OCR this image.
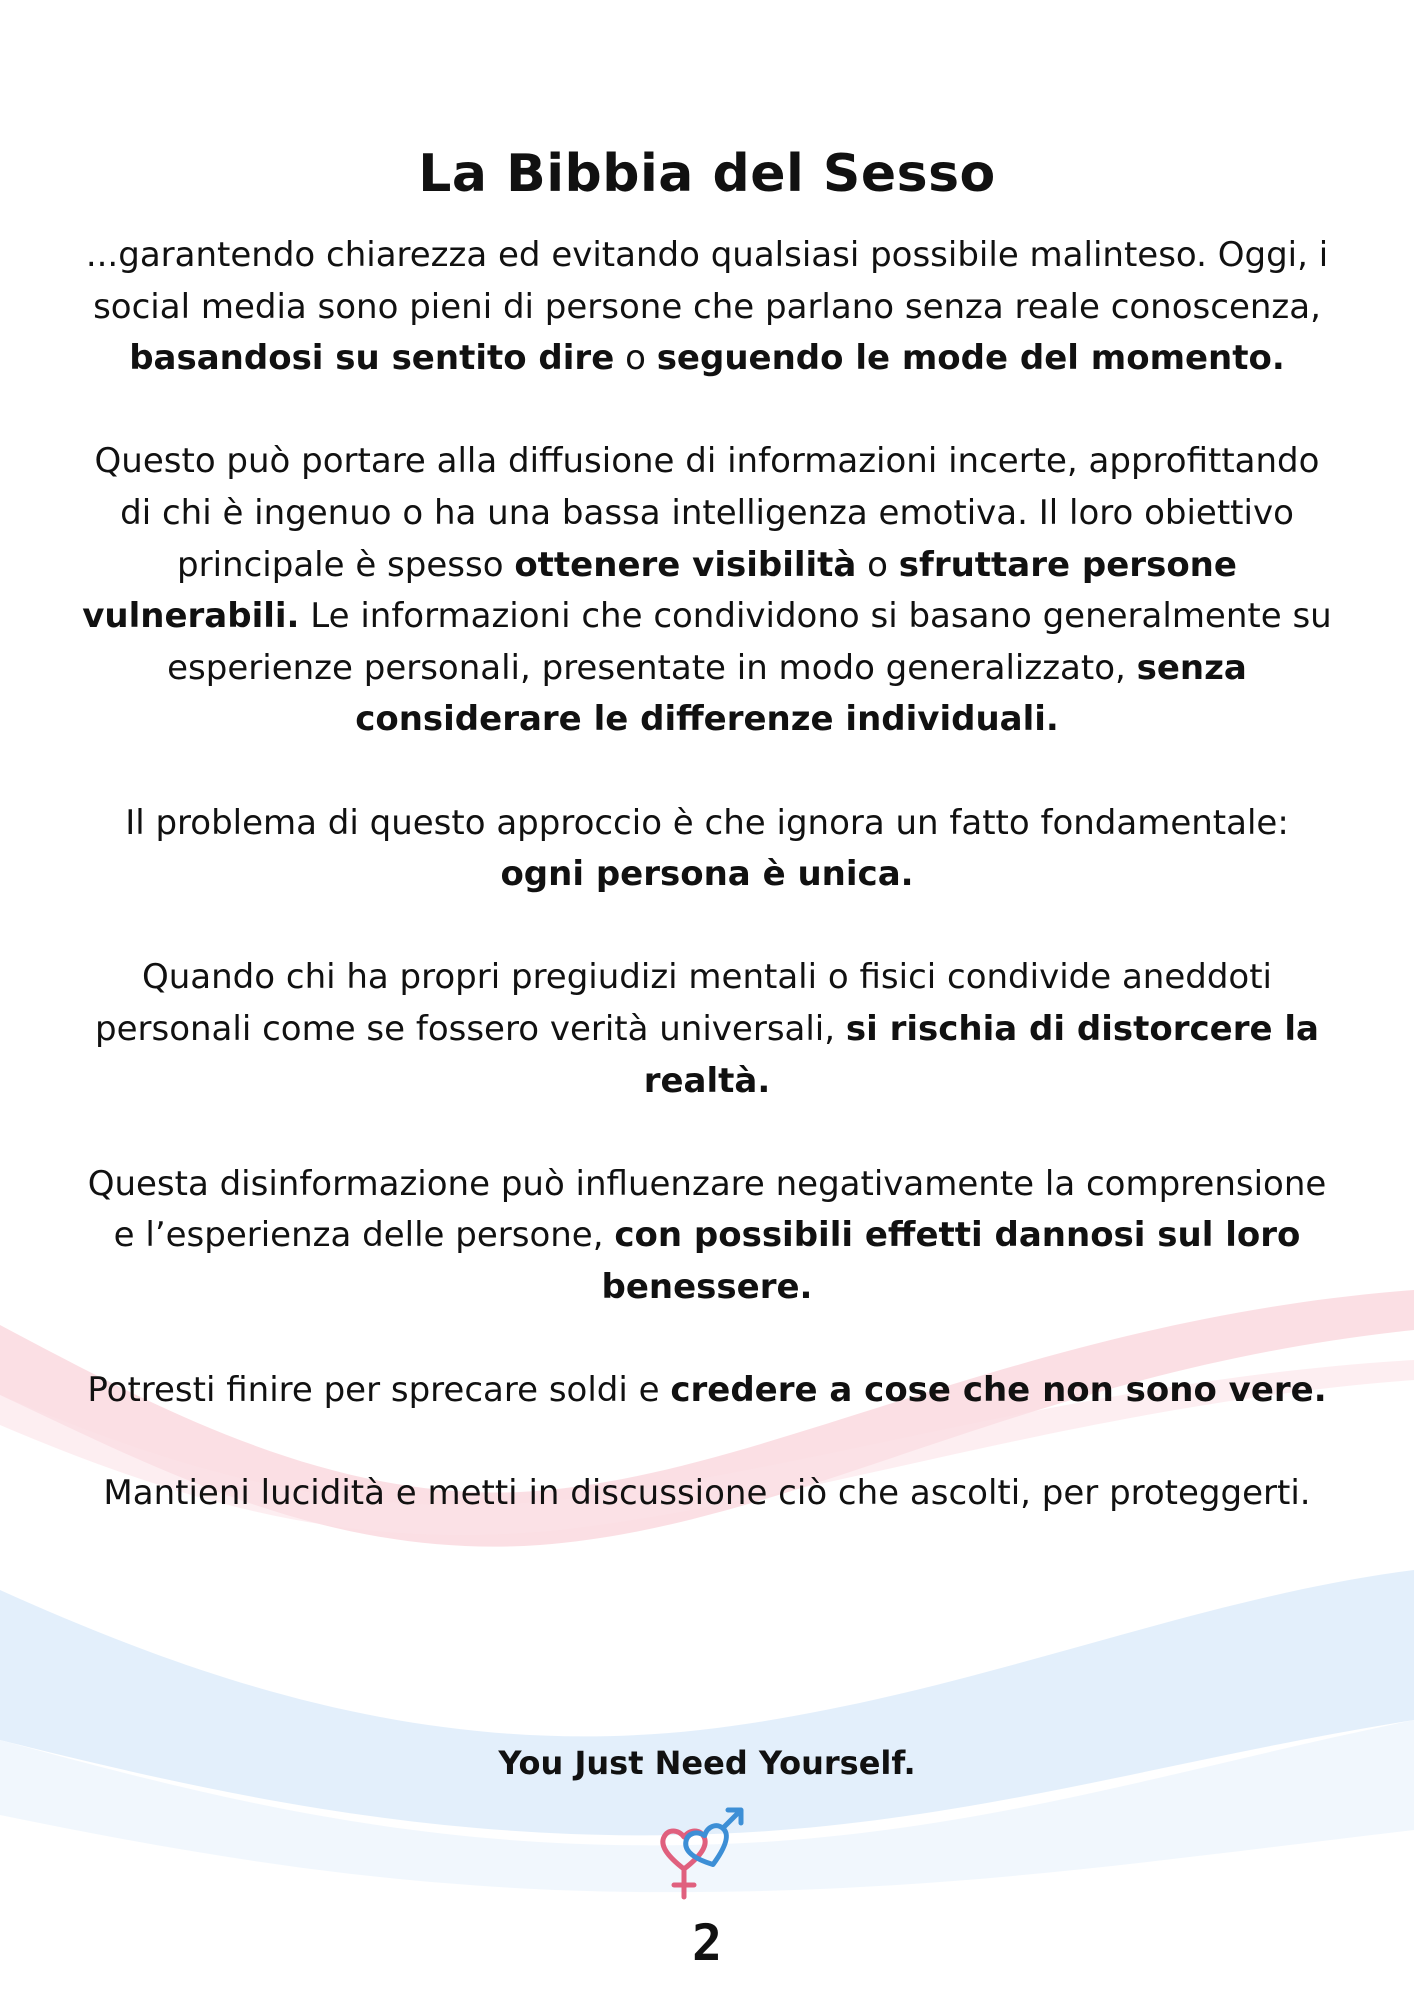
La Bibbia del Sesso

...garantendo chiarezza ed evitando qualsiasi possibile malinteso. Oggi, i social media sono pieni di persone che parlano senza reale conoscenza, basandosi su sentito dire o seguendo le mode del momento.

Questo può portare alla diffusione di informazioni incerte, approfittando di chi è ingenuo o ha una bassa intelligenza emotiva. Il loro obiettivo principale è spesso ottenere visibilità o sfruttare persone vulnerabili. Le informazioni che condividono si basano generalmente su esperienze personali, presentate in modo generalizzato, senza considerare le differenze individuali.

Il problema di questo approccio è che ignora un fatto fondamentale: ogni persona è unica.

Quando chi ha propri pregiudizi mentali o fisici condivide aneddoti personali come se fossero verità universali, si rischia di distorcere la realtà.

Questa disinformazione può influenzare negativamente la comprensione e l’esperienza delle persone, con possibili effetti dannosi sul loro benessere.

Potresti finire per sprecare soldi e credere a cose che non sono vere.

Mantieni lucidità e metti in discussione ciò che ascolti, per proteggerti.

You Just Need Yourself.
2
